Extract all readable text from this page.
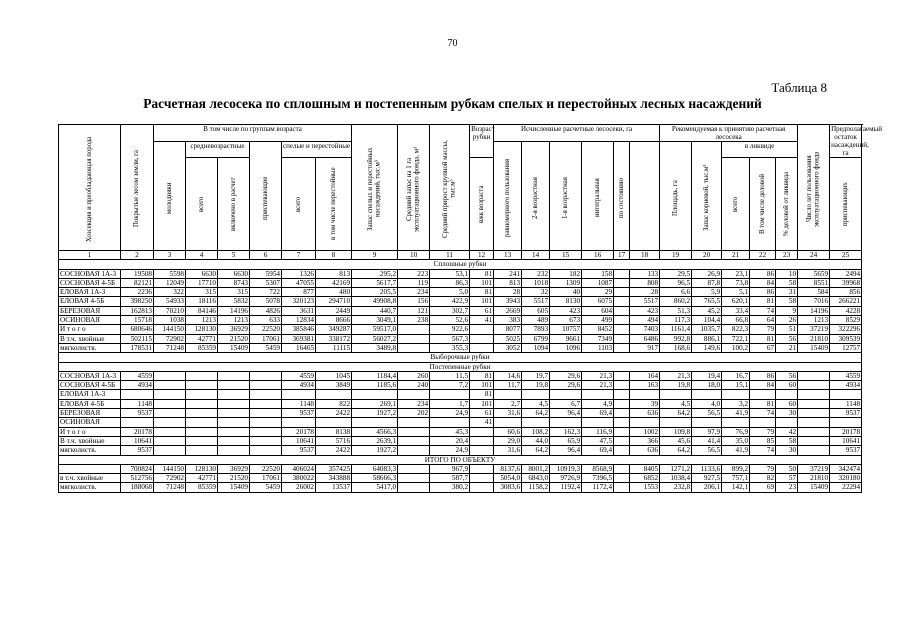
70
Таблица 8
Расчетная лесосека по сплошным и постепенным рубкам спелых и перестойных лесных насаждений
Хозсекция и преобладающая порода	Покрытые лесом земли, га	В том числе по группам возраста						Запас спелых и перестойных насаждений, тыс.м³	Средний запас на 1 га эксплуатационного фонда, м³	Средний прирост крупной массы, тыс.м³	Возраст рубки	Исчисленные расчетные лесосеки, га						Рекомендуемая к принятию расчетная лесосека					Число лет пользования эксплуатационного фонда	Предполагаемый остаток насаждений, га	
		молодняки	средневозрастные		приспевающие	спелые и перестойные						равномерного пользования	2-я возрастная	1-я возрастная	интегральная	по состоянию		Площадь, га	Запас корневой, тыс.м³	в ликвиде					
			всего	включено в расчет		всего	в том числе перестойные				вжк возраста									всего	В том числе деловой	% деловой от ликвида		приспевающих	
1	2	3	4	5	6	7	8	9	10	11	12	13	14	15	16	17	18	19	20	21	22	23	24	25	
Сплошные рубки																									
СОСНОВАЯ 1А-3	19508	5598	6630	6630	5954	1326	813	295,2	223	53,1	81	241	232	182	158		133	29,5	26,9	23,1	86	10	5659	2494	
СОСНОВАЯ 4-5Б	82121	12049	17710	8743	5307	47055	42169	5617,7	119	86,3	101	813	1018	1309	1087		808	96,5	87,8	73,8	84	58	8551	39968	
ЕЛОВАЯ 1А-3	2236	322	315	315	722	877	480	205,5	234	5,0	81	28	32	40	29		28	6,6	5,9	5,1	86	31	584	856	
ЕЛОВАЯ 4-5Б	398250	54933	18116	5832	5078	320123	294710	49908,8	156	422,9	101	3943	5517	8130	6075		5517	860,2	765,5	620,1	81	58	7016	266221	
БЕРЕЗОВАЯ	162813	70210	84146	14196	4826	3631	2449	440,7	121	302,7	61	2669	605	423	604		423	51,3	45,2	33,4	74	9	14196	4228	
ОСИНОВАЯ	15718	1038	1213	1213	633	12834	8666	3049,1	238	52,6	41	383	489	673	499		494	117,3	104,4	66,8	64	26	1213	8529	
И т о г о	680646	144150	128130	36929	22520	385846	349287	59517,0		922,6		8077	7893	10757	8452		7403	1161,4	1035,7	822,3	79	51	37219	322296	
В т.ч. хвойные	502115	72902	42771	21520	17061	369381	338172	56027,2		567,3		5025	6799	9661	7349		6486	992,8	886,1	722,1	81	56	21810	309539	
мягколиств.	178531	71248	85359	15409	5459	16465	11115	3489,8		355,3		3052	1094	1096	1103		917	168,6	149,6	100,2	67	21	15409	12757	
Выборочные рубки																									
Постепенные рубки																									
СОСНОВАЯ 1А-3	4559					4559	1045	1184,4	260	11,5	81	14,6	19,7	29,6	21,3		164	21,3	19,4	16,7	86	56		4559	
СОСНОВАЯ 4-5Б	4934					4934	3849	1185,6	240	7,2	101	11,7	19,8	29,6	21,3		163	19,8	18,0	15,1	84	60		4934	
ЕЛОВАЯ 1А-3											81														
ЕЛОВАЯ 4-5Б	1148					1148	822	269,1	234	1,7	101	2,7	4,5	6,7	4,9		39	4,5	4,0	3,2	81	60		1148	
БЕРЕЗОВАЯ	9537					9537	2422	1927,2	202	24,9	61	31,6	64,2	96,4	69,4		636	64,2	56,5	41,9	74	30		9537	
ОСИНОВАЯ											41														
И т о г о	20178					20178	8138	4566,3		45,3		60,6	108,2	162,3	116,9		1002	109,8	97,9	76,9	79	42		20178	
В т.ч. хвойные	10641					10641	5716	2639,1		20,4		29,0	44,0	65,9	47,5		366	45,6	41,4	35,0	85	58		10641	
мягколиств.	9537					9537	2422	1927,2		24,9		31,6	64,2	96,4	69,4		636	64,2	56,5	41,9	74	30		9537	
ИТОГО ПО ОБЪЕКТУ																									
	700824	144150	128130	36929	22520	406024	357425	64083,3		967,9		8137,6	8001,2	10919,3	8568,9		8405	1271,2	1133,6	899,2	79	50	37219	342474	
в т.ч. хвойные	512756	72902	42771	21520	17061	380022	343888	58666,3		587,7		5054,0	6843,0	9726,9	7396,5		6852	1038,4	927,5	757,1	82	57	21810	320180	
мягколиств.	188068	71248	85359	15409	5459	26002	13537	5417,0		380,2		3083,6	1158,2	1192,4	1172,4		1553	232,8	206,1	142,1	69	23	15409	22294	
